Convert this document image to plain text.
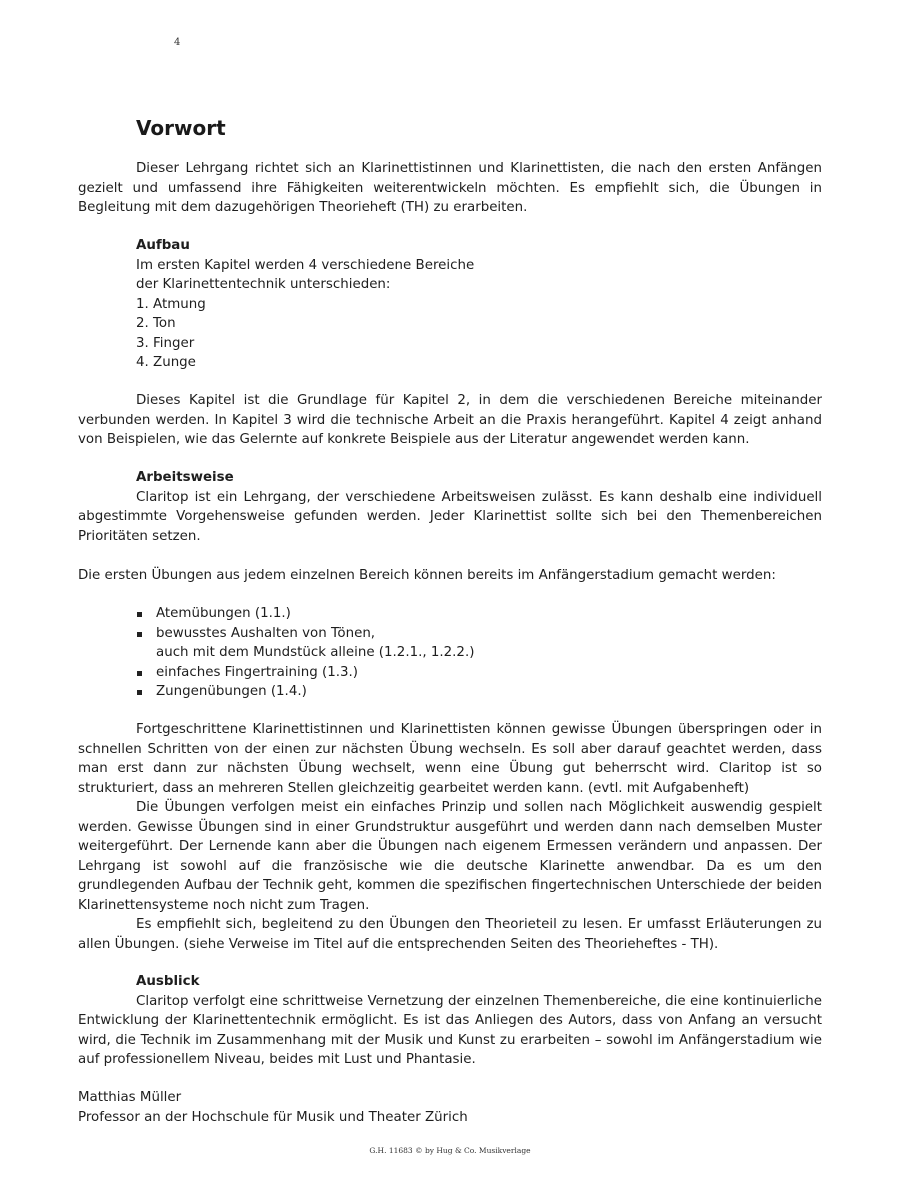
4
Vorwort

Dieser Lehrgang richtet sich an Klarinettistinnen und Klarinettisten, die nach den ersten Anfängen gezielt und umfassend ihre Fähigkeiten weiterentwickeln möchten. Es empfiehlt sich, die Übungen in Begleitung mit dem dazugehörigen Theorieheft (TH) zu erarbeiten.

Aufbau
Im ersten Kapitel werden 4 verschiedene Bereiche
der Klarinettentechnik unterschieden:
1. Atmung
2. Ton
3. Finger
4. Zunge

Dieses Kapitel ist die Grundlage für Kapitel 2, in dem die verschiedenen Bereiche miteinander verbunden werden. In Kapitel 3 wird die technische Arbeit an die Praxis herangeführt. Kapitel 4 zeigt anhand von Beispielen, wie das Gelernte auf konkrete Beispiele aus der Literatur angewendet werden kann.

Arbeitsweise

Claritop ist ein Lehrgang, der verschiedene Arbeitsweisen zulässt. Es kann deshalb eine individuell abgestimmte Vorgehensweise gefunden werden. Jeder Klarinettist sollte sich bei den Themenbereichen Prioritäten setzen.

Die ersten Übungen aus jedem einzelnen Bereich können bereits im Anfängerstadium gemacht werden:

Atemübungen (1.1.)
bewusstes Aushalten von Tönen,
auch mit dem Mundstück alleine (1.2.1., 1.2.2.)
einfaches Fingertraining (1.3.)
Zungenübungen (1.4.)

Fortgeschrittene Klarinettistinnen und Klarinettisten können gewisse Übungen überspringen oder in schnellen Schritten von der einen zur nächsten Übung wechseln. Es soll aber darauf geachtet werden, dass man erst dann zur nächsten Übung wechselt, wenn eine Übung gut beherrscht wird. Claritop ist so strukturiert, dass an mehreren Stellen gleichzeitig gearbeitet werden kann. (evtl. mit Aufgabenheft)

Die Übungen verfolgen meist ein einfaches Prinzip und sollen nach Möglichkeit auswendig gespielt werden. Gewisse Übungen sind in einer Grundstruktur ausgeführt und werden dann nach demselben Muster weitergeführt. Der Lernende kann aber die Übungen nach eigenem Ermessen verändern und anpassen. Der Lehrgang ist sowohl auf die französische wie die deutsche Klarinette anwendbar. Da es um den grundlegenden Aufbau der Technik geht, kommen die spezifischen fingertechnischen Unterschiede der beiden Klarinettensysteme noch nicht zum Tragen.

Es empfiehlt sich, begleitend zu den Übungen den Theorieteil zu lesen. Er umfasst Erläuterungen zu allen Übungen. (siehe Verweise im Titel auf die entsprechenden Seiten des Theorieheftes - TH).

Ausblick

Claritop verfolgt eine schrittweise Vernetzung der einzelnen Themenbereiche, die eine kontinuierliche Entwicklung der Klarinettentechnik ermöglicht. Es ist das Anliegen des Autors, dass von Anfang an versucht wird, die Technik im Zusammenhang mit der Musik und Kunst zu erarbeiten – sowohl im Anfängerstadium wie auf professionellem Niveau, beides mit Lust und Phantasie.

Matthias Müller
Professor an der Hochschule für Musik und Theater Zürich
G.H. 11683 © by Hug & Co. Musikverlage
